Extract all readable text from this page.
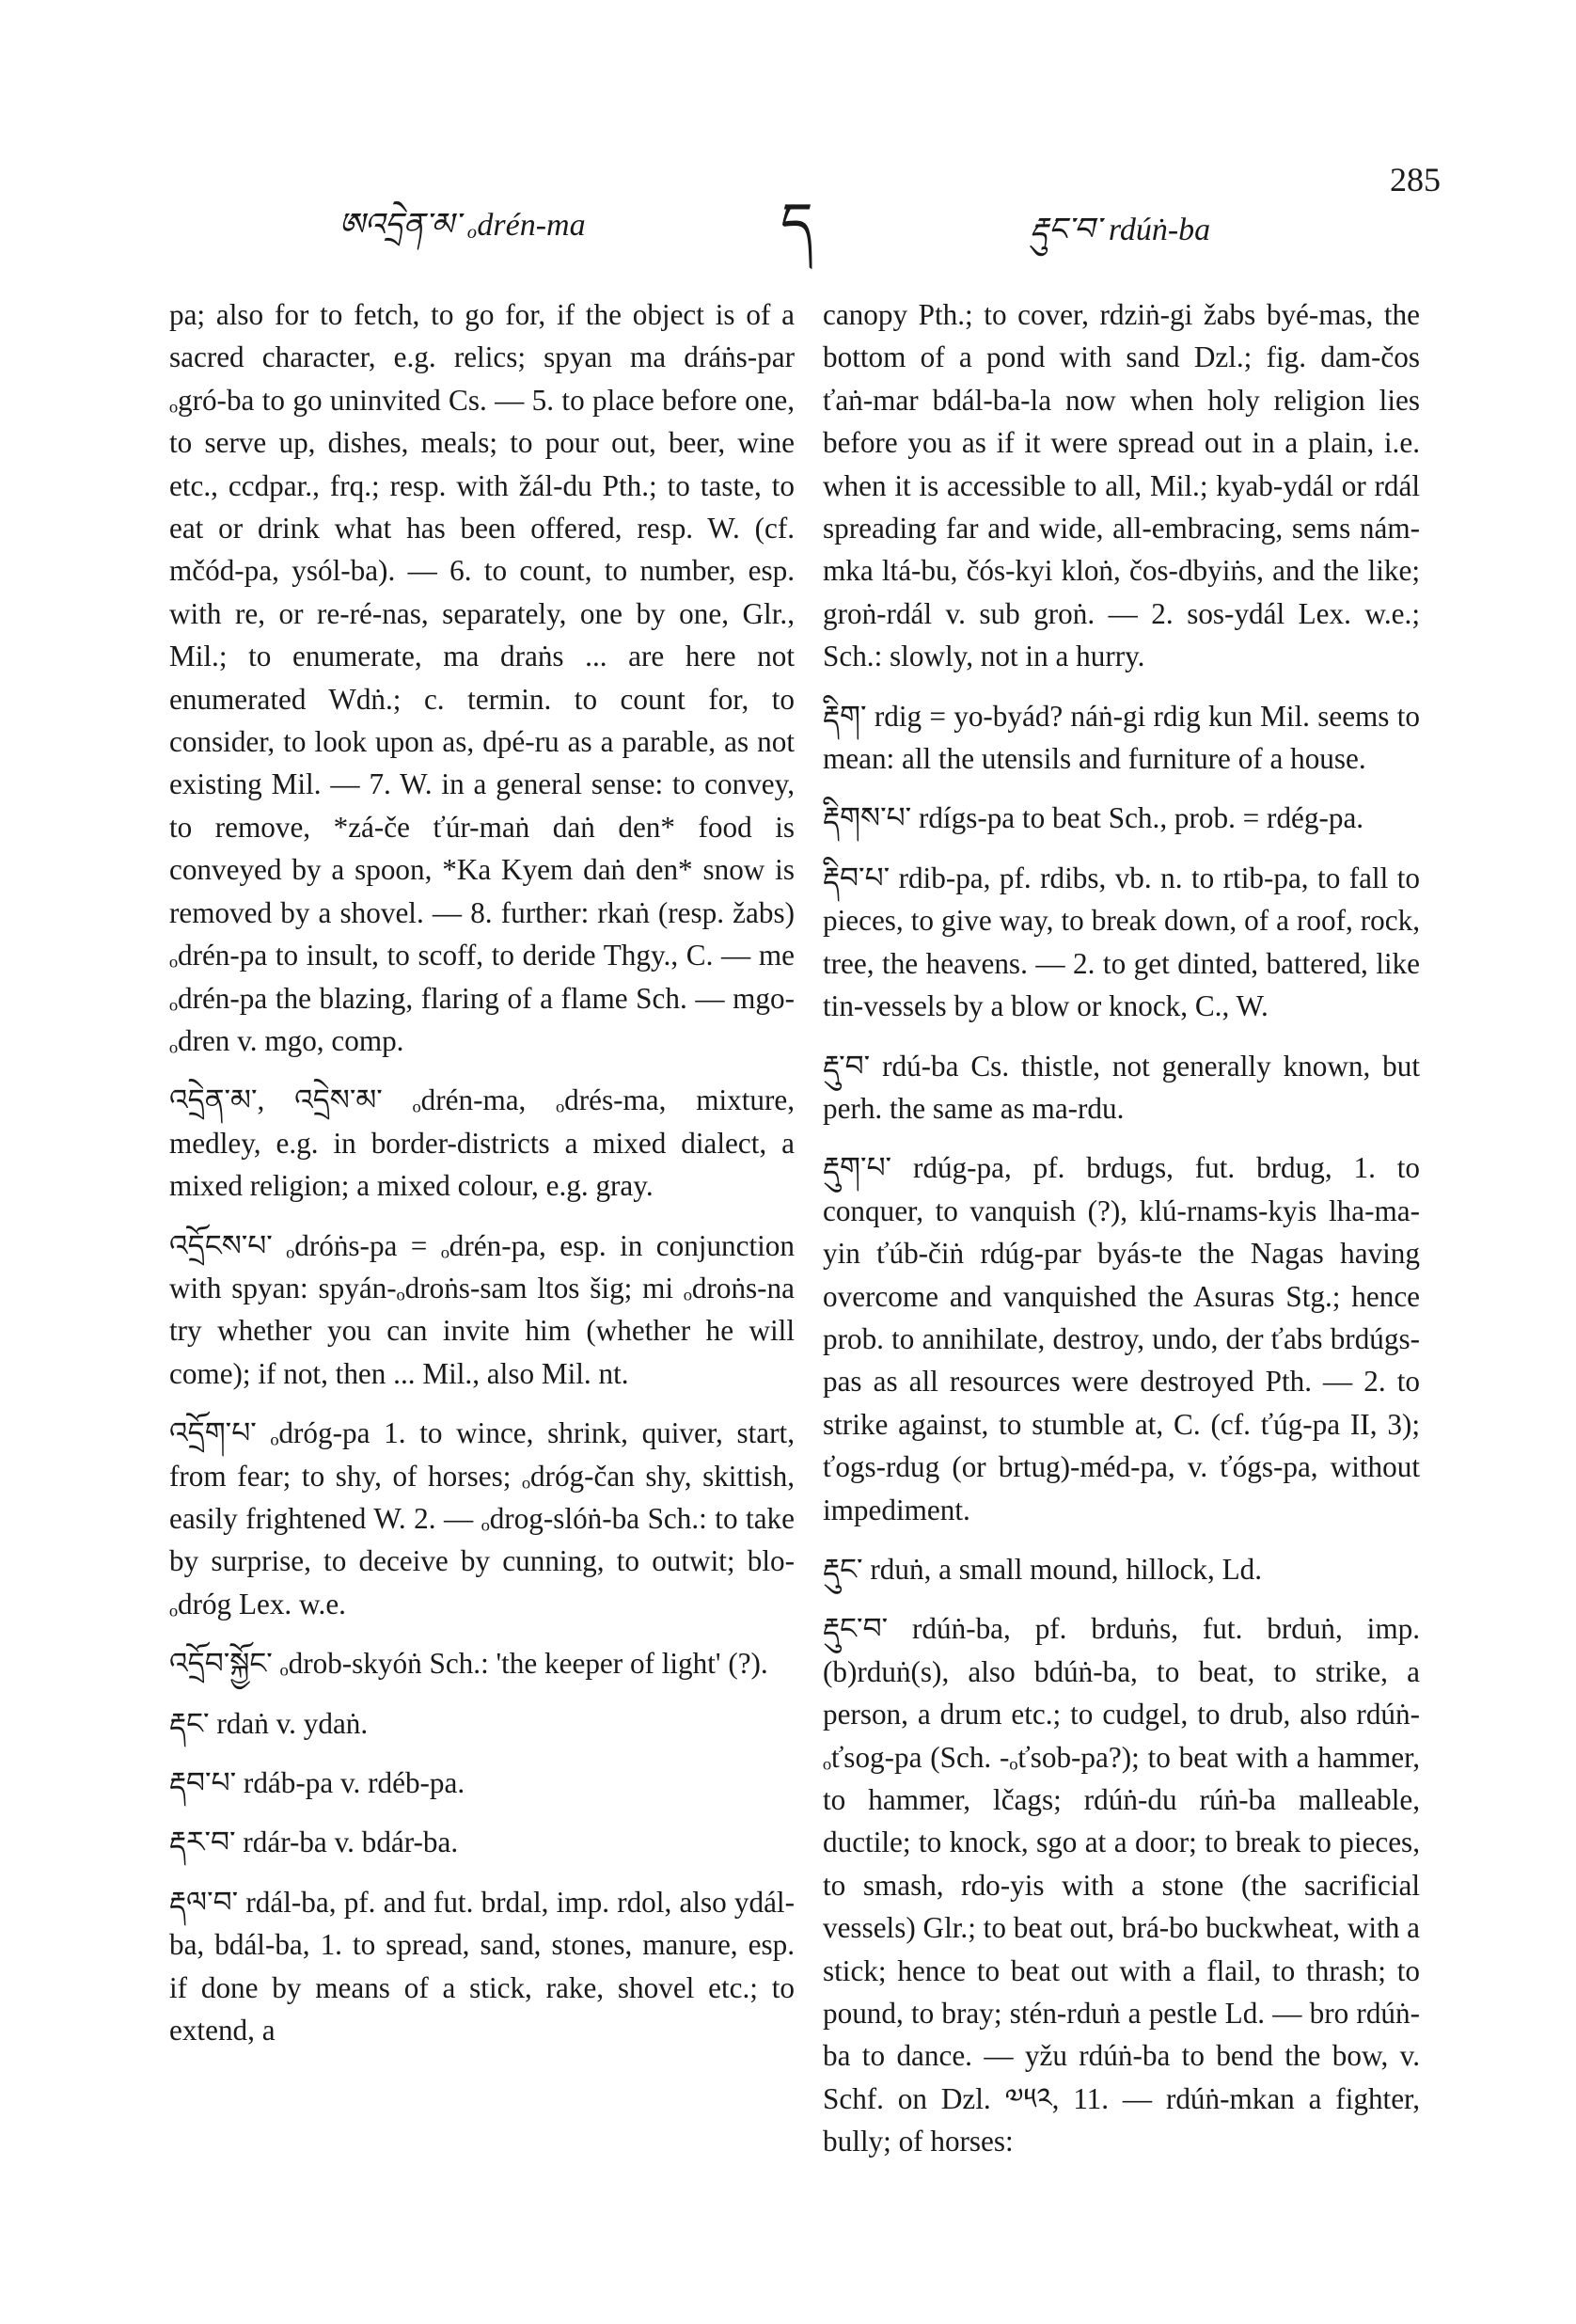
ཨའདྲེན་མ་ ₒdrén-ma	ད	རྡུང་བ་ rdúṅ-ba
285

pa; also for to fetch, to go for, if the object is of a sacred character, e.g. relics; spyan ma dráṅs-par ₒgró-ba to go uninvited Cs. — 5. to place before one, to serve up, dishes, meals; to pour out, beer, wine etc., ccdpar., frq.; resp. with žál-du Pth.; to taste, to eat or drink what has been offered, resp. W. (cf. mčód-pa, ysól-ba). — 6. to count, to number, esp. with re, or re-ré-nas, separately, one by one, Glr., Mil.; to enumerate, ma draṅs ... are here not enumerated Wdṅ.; c. termin. to count for, to consider, to look upon as, dpé-ru as a parable, as not existing Mil. — 7. W. in a general sense: to convey, to remove, *zá-če ťúr-maṅ daṅ den* food is conveyed by a spoon, *Ka Kyem daṅ den* snow is removed by a shovel. — 8. further: rkaṅ (resp. žabs) ₒdrén-pa to insult, to scoff, to deride Thgy., C. — me ₒdrén-pa the blazing, flaring of a flame Sch. — mgo-ₒdren v. mgo, comp.

འདྲེན་མ་, འདྲེས་མ་ ₒdrén-ma, ₒdrés-ma, mixture, medley, e.g. in border-districts a mixed dialect, a mixed religion; a mixed colour, e.g. gray.

འདྲོངས་པ་ ₒdróṅs-pa = ₒdrén-pa, esp. in conjunction with spyan: spyán-ₒdroṅs-sam ltos šig; mi ₒdroṅs-na try whether you can invite him (whether he will come); if not, then ... Mil., also Mil. nt.

འདྲོག་པ་ ₒdróg-pa 1. to wince, shrink, quiver, start, from fear; to shy, of horses; ₒdróg-čan shy, skittish, easily frightened W. 2. — ₒdrog-slóṅ-ba Sch.: to take by surprise, to deceive by cunning, to outwit; blo-ₒdróg Lex. w.e.

འདྲོབ་སྐྱོང་ ₒdrob-skyóṅ Sch.: 'the keeper of light' (?).

རྡང་ rdaṅ v. ydaṅ.

རྡབ་པ་ rdáb-pa v. rdéb-pa.

རྡར་བ་ rdár-ba v. bdár-ba.

རྡལ་བ་ rdál-ba, pf. and fut. brdal, imp. rdol, also ydál-ba, bdál-ba, 1. to spread, sand, stones, manure, esp. if done by means of a stick, rake, shovel etc.; to extend, a

canopy Pth.; to cover, rdziṅ-gi žabs byé-mas, the bottom of a pond with sand Dzl.; fig. dam-čos ťaṅ-mar bdál-ba-la now when holy religion lies before you as if it were spread out in a plain, i.e. when it is accessible to all, Mil.; kyab-ydál or rdál spreading far and wide, all-embracing, sems nám-mka ltá-bu, čós-kyi kloṅ, čos-dbyiṅs, and the like; groṅ-rdál v. sub groṅ. — 2. sos-ydál Lex. w.e.; Sch.: slowly, not in a hurry.

རྡིག་ rdig = yo-byád? náṅ-gi rdig kun Mil. seems to mean: all the utensils and furniture of a house.

རྡིགས་པ་ rdígs-pa to beat Sch., prob. = rdég-pa.

རྡིབ་པ་ rdib-pa, pf. rdibs, vb. n. to rtib-pa, to fall to pieces, to give way, to break down, of a roof, rock, tree, the heavens. — 2. to get dinted, battered, like tin-vessels by a blow or knock, C., W.

རྡུ་བ་ rdú-ba Cs. thistle, not generally known, but perh. the same as ma-rdu.

རྡུག་པ་ rdúg-pa, pf. brdugs, fut. brdug, 1. to conquer, to vanquish (?), klú-rnams-kyis lha-ma-yin ťúb-čiṅ rdúg-par byás-te the Nagas having overcome and vanquished the Asuras Stg.; hence prob. to annihilate, destroy, undo, der ťabs brdúgs-pas as all resources were destroyed Pth. — 2. to strike against, to stumble at, C. (cf. ťúg-pa II, 3); ťogs-rdug (or brtug)-méd-pa, v. ťógs-pa, without impediment.

རྡུང་ rduṅ, a small mound, hillock, Ld.

རྡུང་བ་ rdúṅ-ba, pf. brduṅs, fut. brduṅ, imp. (b)rduṅ(s), also bdúṅ-ba, to beat, to strike, a person, a drum etc.; to cudgel, to drub, also rdúṅ-ₒťsog-pa (Sch. -ₒťsob-pa?); to beat with a hammer, to hammer, lčags; rdúṅ-du rúṅ-ba malleable, ductile; to knock, sgo at a door; to break to pieces, to smash, rdo-yis with a stone (the sacrificial vessels) Glr.; to beat out, brá-bo buckwheat, with a stick; hence to beat out with a flail, to thrash; to pound, to bray; stén-rduṅ a pestle Ld. — bro rdúṅ-ba to dance. — yžu rdúṅ-ba to bend the bow, v. Schf. on Dzl. ༧༥༢, 11. — rdúṅ-mkan a fighter, bully; of horses:
